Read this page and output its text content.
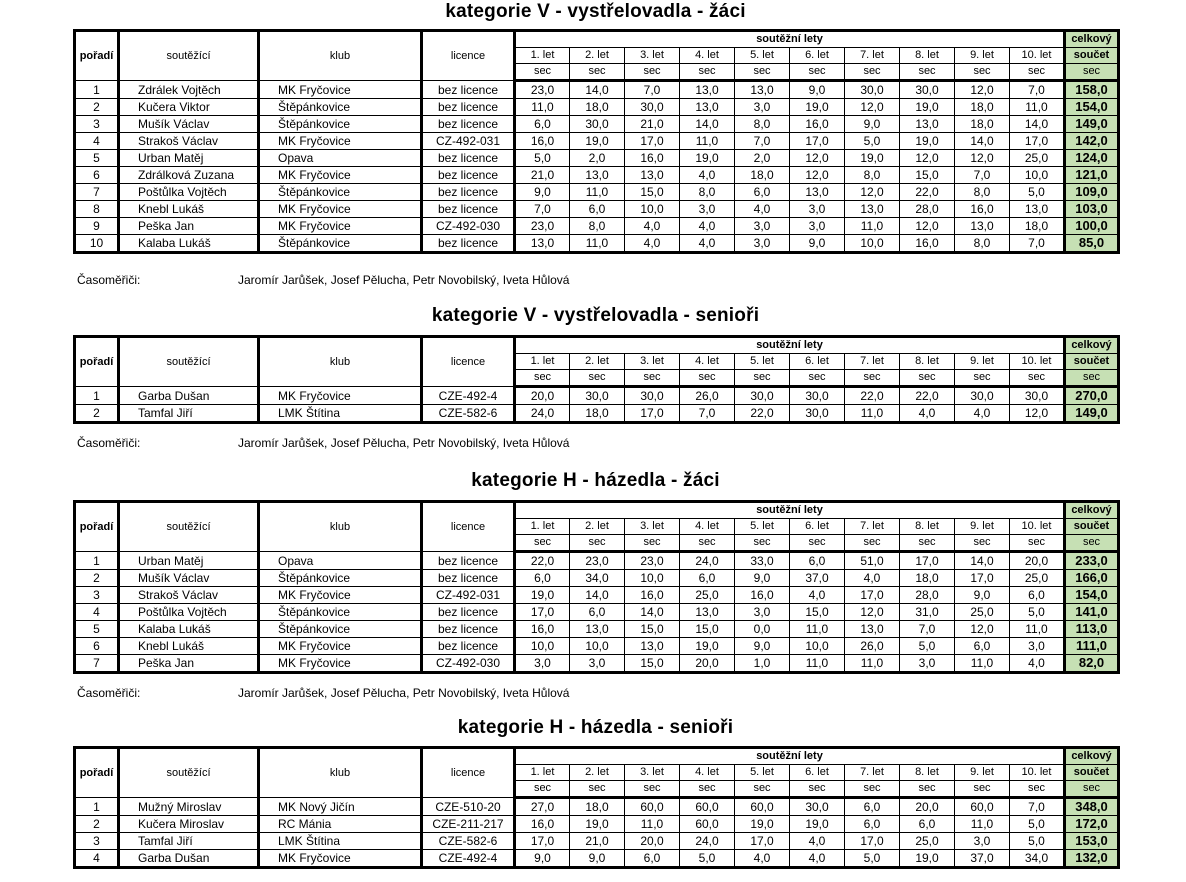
kategorie V - vystřelovadla - žáci
pořadí	soutěžící	klub	licence	soutěžní lety										celkový
				1. let	2. let	3. let	4. let	5. let	6. let	7. let	8. let	9. let	10. let	součet
				sec	sec	sec	sec	sec	sec	sec	sec	sec	sec	sec
1	Zdrálek Vojtěch	MK Fryčovice	bez licence	23,0	14,0	7,0	13,0	13,0	9,0	30,0	30,0	12,0	7,0	158,0
2	Kučera Viktor	Štěpánkovice	bez licence	11,0	18,0	30,0	13,0	3,0	19,0	12,0	19,0	18,0	11,0	154,0
3	Mušík Václav	Štěpánkovice	bez licence	6,0	30,0	21,0	14,0	8,0	16,0	9,0	13,0	18,0	14,0	149,0
4	Strakoš Václav	MK Fryčovice	CZ-492-031	16,0	19,0	17,0	11,0	7,0	17,0	5,0	19,0	14,0	17,0	142,0
5	Urban Matěj	Opava	bez licence	5,0	2,0	16,0	19,0	2,0	12,0	19,0	12,0	12,0	25,0	124,0
6	Zdrálková Zuzana	MK Fryčovice	bez licence	21,0	13,0	13,0	4,0	18,0	12,0	8,0	15,0	7,0	10,0	121,0
7	Poštůlka Vojtěch	Štěpánkovice	bez licence	9,0	11,0	15,0	8,0	6,0	13,0	12,0	22,0	8,0	5,0	109,0
8	Knebl Lukáš	MK Fryčovice	bez licence	7,0	6,0	10,0	3,0	4,0	3,0	13,0	28,0	16,0	13,0	103,0
9	Peška Jan	MK Fryčovice	CZ-492-030	23,0	8,0	4,0	4,0	3,0	3,0	11,0	12,0	13,0	18,0	100,0
10	Kalaba Lukáš	Štěpánkovice	bez licence	13,0	11,0	4,0	4,0	3,0	9,0	10,0	16,0	8,0	7,0	85,0
Časoměřiči:	Jaromír Jarůšek, Josef Pělucha, Petr Novobilský, Iveta Hůlová
kategorie V - vystřelovadla - senioři
pořadí	soutěžící	klub	licence	soutěžní lety										celkový
				1. let	2. let	3. let	4. let	5. let	6. let	7. let	8. let	9. let	10. let	součet
				sec	sec	sec	sec	sec	sec	sec	sec	sec	sec	sec
1	Garba Dušan	MK Fryčovice	CZE-492-4	20,0	30,0	30,0	26,0	30,0	30,0	22,0	22,0	30,0	30,0	270,0
2	Tamfal Jiří	LMK Štítina	CZE-582-6	24,0	18,0	17,0	7,0	22,0	30,0	11,0	4,0	4,0	12,0	149,0
Časoměřiči:	Jaromír Jarůšek, Josef Pělucha, Petr Novobilský, Iveta Hůlová
kategorie H - házedla - žáci
pořadí	soutěžící	klub	licence	soutěžní lety										celkový
				1. let	2. let	3. let	4. let	5. let	6. let	7. let	8. let	9. let	10. let	součet
				sec	sec	sec	sec	sec	sec	sec	sec	sec	sec	sec
1	Urban Matěj	Opava	bez licence	22,0	23,0	23,0	24,0	33,0	6,0	51,0	17,0	14,0	20,0	233,0
2	Mušík Václav	Štěpánkovice	bez licence	6,0	34,0	10,0	6,0	9,0	37,0	4,0	18,0	17,0	25,0	166,0
3	Strakoš Václav	MK Fryčovice	CZ-492-031	19,0	14,0	16,0	25,0	16,0	4,0	17,0	28,0	9,0	6,0	154,0
4	Poštůlka Vojtěch	Štěpánkovice	bez licence	17,0	6,0	14,0	13,0	3,0	15,0	12,0	31,0	25,0	5,0	141,0
5	Kalaba Lukáš	Štěpánkovice	bez licence	16,0	13,0	15,0	15,0	0,0	11,0	13,0	7,0	12,0	11,0	113,0
6	Knebl Lukáš	MK Fryčovice	bez licence	10,0	10,0	13,0	19,0	9,0	10,0	26,0	5,0	6,0	3,0	111,0
7	Peška Jan	MK Fryčovice	CZ-492-030	3,0	3,0	15,0	20,0	1,0	11,0	11,0	3,0	11,0	4,0	82,0
Časoměřiči:	Jaromír Jarůšek, Josef Pělucha, Petr Novobilský, Iveta Hůlová
kategorie H - házedla - senioři
pořadí	soutěžící	klub	licence	soutěžní lety										celkový
				1. let	2. let	3. let	4. let	5. let	6. let	7. let	8. let	9. let	10. let	součet
				sec	sec	sec	sec	sec	sec	sec	sec	sec	sec	sec
1	Mužný Miroslav	MK Nový Jičín	CZE-510-20	27,0	18,0	60,0	60,0	60,0	30,0	6,0	20,0	60,0	7,0	348,0
2	Kučera Miroslav	RC Mánia	CZE-211-217	16,0	19,0	11,0	60,0	19,0	19,0	6,0	6,0	11,0	5,0	172,0
3	Tamfal Jiří	LMK Štítina	CZE-582-6	17,0	21,0	20,0	24,0	17,0	4,0	17,0	25,0	3,0	5,0	153,0
4	Garba Dušan	MK Fryčovice	CZE-492-4	9,0	9,0	6,0	5,0	4,0	4,0	5,0	19,0	37,0	34,0	132,0
